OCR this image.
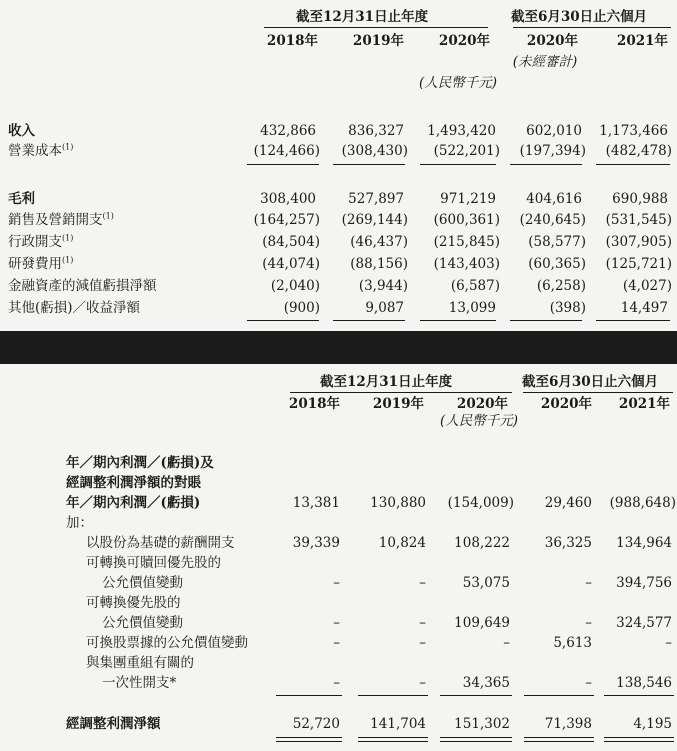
截至12月31日止年度	截至6月30日止六個月
2018年	2019年	2020年	2020年	2021年
(未經審計)
(人民幣千元)
收入	432,866	836,327	1,493,420	602,010	1,173,466
營業成本$^{(1)}$	(124,466)	(308,430)	(522,201)	(197,394)	(482,478)
毛利	308,400	527,897	971,219	404,616	690,988
銷售及營銷開支$^{(1)}$	(164,257)	(269,144)	(600,361)	(240,645)	(531,545)
行政開支$^{(1)}$	(84,504)	(46,437)	(215,845)	(58,577)	(307,905)
研發費用$^{(1)}$	(44,074)	(88,156)	(143,403)	(60,365)	(125,721)
金融資產的減值虧損淨額	(2,040)	(3,944)	(6,587)	(6,258)	(4,027)
其他(虧損)／收益淨額	(900)	9,087	13,099	(398)	14,497
截至12月31日止年度	截至6月30日止六個月
2018年	2019年	2020年	2020年	2021年
(人民幣千元)
年／期內利潤／(虧損)及
經調整利潤淨額的對賬
年／期內利潤／(虧損)	13,381	130,880	(154,009)	29,460	(988,648)
加：
以股份為基礎的薪酬開支	39,339	10,824	108,222	36,325	134,964
可轉換可贖回優先股的
公允價值變動	–	–	53,075	–	394,756
可轉換優先股的
公允價值變動	–	–	109,649	–	324,577
可換股票據的公允價值變動	–	–	–	5,613	–
與集團重組有關的
一次性開支*	–	–	34,365	–	138,546
經調整利潤淨額	52,720	141,704	151,302	71,398	4,195
